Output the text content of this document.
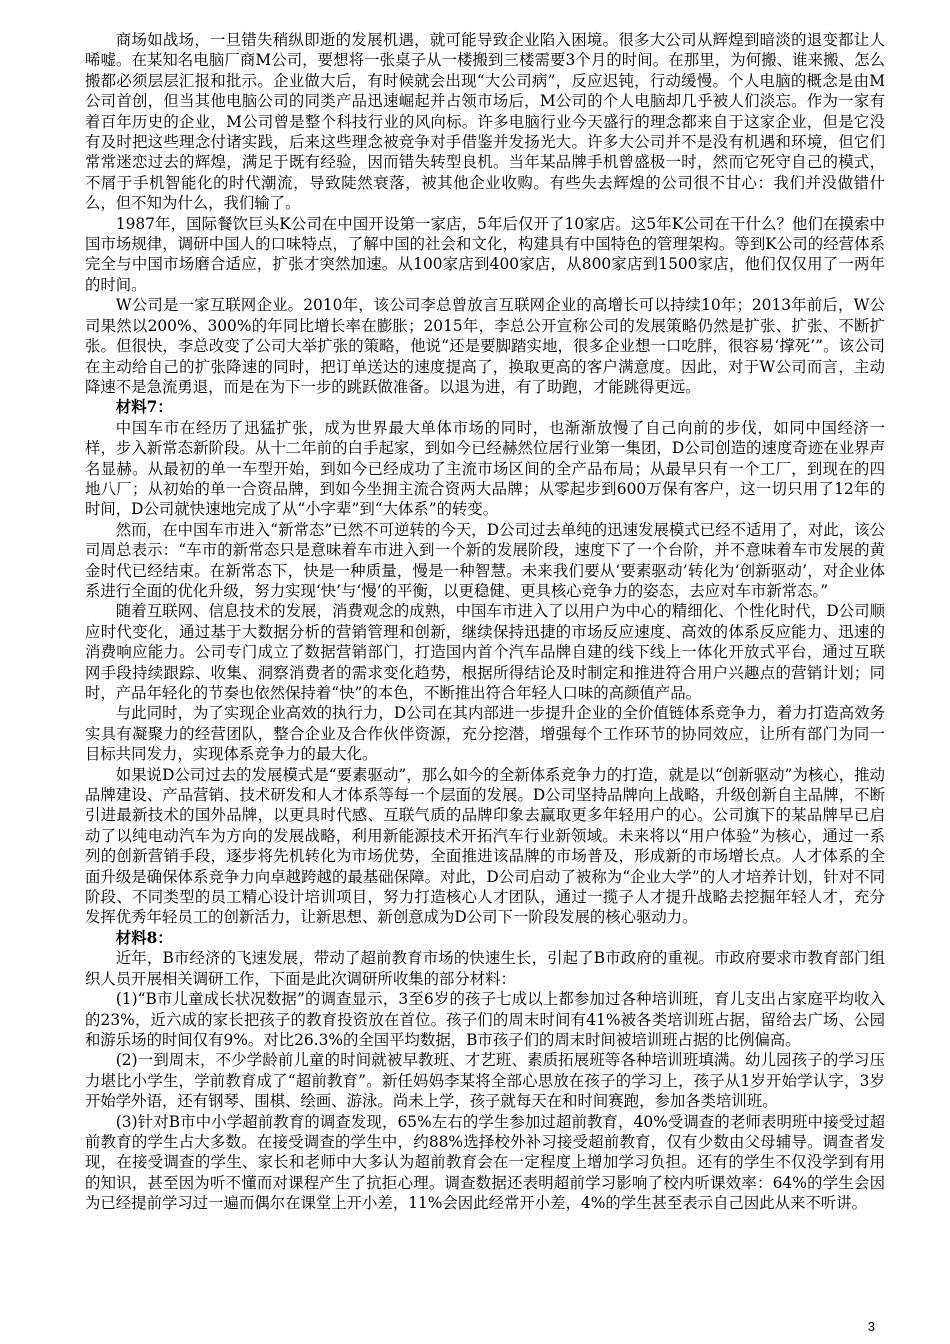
商场如战场，一旦错失稍纵即逝的发展机遇，就可能导致企业陷入困境。很多大公司从辉煌到暗淡的退变都让人唏嘘。在某知名电脑厂商M公司，要想将一张桌子从一楼搬到三楼需要3个月的时间。在那里，为何搬、谁来搬、怎么搬都必须层层汇报和批示。企业做大后，有时候就会出现“大公司病”，反应迟钝，行动缓慢。个人电脑的概念是由M公司首创，但当其他电脑公司的同类产品迅速崛起并占领市场后，M公司的个人电脑却几乎被人们淡忘。作为一家有着百年历史的企业，M公司曾是整个科技行业的风向标。许多电脑行业今天盛行的理念都来自于这家企业，但是它没有及时把这些理念付诸实践，后来这些理念被竞争对手借鉴并发扬光大。许多大公司并不是没有机遇和环境，但它们常常迷恋过去的辉煌，满足于既有经验，因而错失转型良机。当年某品牌手机曾盛极一时，然而它死守自己的模式，不屑于手机智能化的时代潮流，导致陡然衰落，被其他企业收购。有些失去辉煌的公司很不甘心：我们并没做错什么，但不知为什么，我们输了。

1987年，国际餐饮巨头K公司在中国开设第一家店，5年后仅开了10家店。这5年K公司在干什么？他们在摸索中国市场规律，调研中国人的口味特点，了解中国的社会和文化，构建具有中国特色的管理架构。等到K公司的经营体系完全与中国市场磨合适应，扩张才突然加速。从100家店到400家店，从800家店到1500家店，他们仅仅用了一两年的时间。

W公司是一家互联网企业。2010年，该公司李总曾放言互联网企业的高增长可以持续10年；2013年前后，W公司果然以200%、300%的年同比增长率在膨胀；2015年，李总公开宣称公司的发展策略仍然是扩张、扩张、不断扩张。但很快，李总改变了公司大举扩张的策略，他说“还是要脚踏实地，很多企业想一口吃胖，很容易‘撑死’”。该公司在主动给自己的扩张降速的同时，把订单送达的速度提高了，换取更高的客户满意度。因此，对于W公司而言，主动降速不是急流勇退，而是在为下一步的跳跃做准备。以退为进，有了助跑，才能跳得更远。

材料7：

中国车市在经历了迅猛扩张，成为世界最大单体市场的同时，也渐渐放慢了自己向前的步伐，如同中国经济一样，步入新常态新阶段。从十二年前的白手起家，到如今已经赫然位居行业第一集团，D公司创造的速度奇迹在业界声名显赫。从最初的单一车型开始，到如今已经成功了主流市场区间的全产品布局；从最早只有一个工厂，到现在的四地八厂；从初始的单一合资品牌，到如今坐拥主流合资两大品牌；从零起步到600万保有客户，这一切只用了12年的时间，D公司就快速地完成了从“小字辈”到“大体系”的转变。

然而，在中国车市进入“新常态”已然不可逆转的今天，D公司过去单纯的迅速发展模式已经不适用了，对此，该公司周总表示：“车市的新常态只是意味着车市进入到一个新的发展阶段，速度下了一个台阶，并不意味着车市发展的黄金时代已经结束。在新常态下，快是一种质量，慢是一种智慧。未来我们要从‘要素驱动’转化为‘创新驱动’，对企业体系进行全面的优化升级，努力实现‘快’与‘慢’的平衡，以更稳健、更具核心竞争力的姿态，去应对车市新常态。”

随着互联网、信息技术的发展，消费观念的成熟，中国车市进入了以用户为中心的精细化、个性化时代，D公司顺应时代变化，通过基于大数据分析的营销管理和创新，继续保持迅捷的市场反应速度、高效的体系反应能力、迅速的消费响应能力。公司专门成立了数据营销部门，打造国内首个汽车品牌自建的线下线上一体化开放式平台，通过互联网手段持续跟踪、收集、洞察消费者的需求变化趋势，根据所得结论及时制定和推进符合用户兴趣点的营销计划；同时，产品年轻化的节奏也依然保持着“快”的本色，不断推出符合年轻人口味的高颜值产品。

与此同时，为了实现企业高效的执行力，D公司在其内部进一步提升企业的全价值链体系竞争力，着力打造高效务实具有凝聚力的经营团队，整合企业及合作伙伴资源，充分挖潜，增强每个工作环节的协同效应，让所有部门为同一目标共同发力，实现体系竞争力的最大化。

如果说D公司过去的发展模式是“要素驱动”，那么如今的全新体系竞争力的打造，就是以“创新驱动”为核心，推动品牌建设、产品营销、技术研发和人才体系等每一个层面的发展。D公司坚持品牌向上战略，升级创新自主品牌，不断引进最新技术的国外品牌，以更具时代感、互联气质的品牌印象去赢取更多年轻用户的心。公司旗下的某品牌早已启动了以纯电动汽车为方向的发展战略，利用新能源技术开拓汽车行业新领域。未来将以“用户体验”为核心，通过一系列的创新营销手段，逐步将先机转化为市场优势，全面推进该品牌的市场普及，形成新的市场增长点。人才体系的全面升级是确保体系竞争力向卓越跨越的最基础保障。对此，D公司启动了被称为“企业大学”的人才培养计划，针对不同阶段、不同类型的员工精心设计培训项目，努力打造核心人才团队，通过一揽子人才提升战略去挖掘年轻人才，充分发挥优秀年轻员工的创新活力，让新思想、新创意成为D公司下一阶段发展的核心驱动力。

材料8：

近年，B市经济的飞速发展，带动了超前教育市场的快速生长，引起了B市政府的重视。市政府要求市教育部门组织人员开展相关调研工作，下面是此次调研所收集的部分材料：

(1)“B市儿童成长状况数据”的调查显示，3至6岁的孩子七成以上都参加过各种培训班，育儿支出占家庭平均收入的23%，近六成的家长把孩子的教育投资放在首位。孩子们的周末时间有41%被各类培训班占据，留给去广场、公园和游乐场的时间仅有9%。对比26.3%的全国平均数据，B市孩子们的周末时间被培训班占据的比例偏高。

(2)一到周末，不少学龄前儿童的时间就被早教班、才艺班、素质拓展班等各种培训班填满。幼儿园孩子的学习压力堪比小学生，学前教育成了“超前教育”。新任妈妈李某将全部心思放在孩子的学习上，孩子从1岁开始学认字，3岁开始学外语，还有钢琴、围棋、绘画、游泳。尚未上学，孩子就每天在和时间赛跑，参加各类培训班。

(3)针对B市中小学超前教育的调查发现，65%左右的学生参加过超前教育，40%受调查的老师表明班中接受过超前教育的学生占大多数。在接受调查的学生中，约88%选择校外补习接受超前教育，仅有少数由父母辅导。调查者发现，在接受调查的学生、家长和老师中大多认为超前教育会在一定程度上增加学习负担。还有的学生不仅没学到有用的知识，甚至因为听不懂而对课程产生了抗拒心理。调查数据还表明超前学习影响了校内听课效率：64%的学生会因为已经提前学习过一遍而偶尔在课堂上开小差，11%会因此经常开小差，4%的学生甚至表示自己因此从来不听讲。

3
